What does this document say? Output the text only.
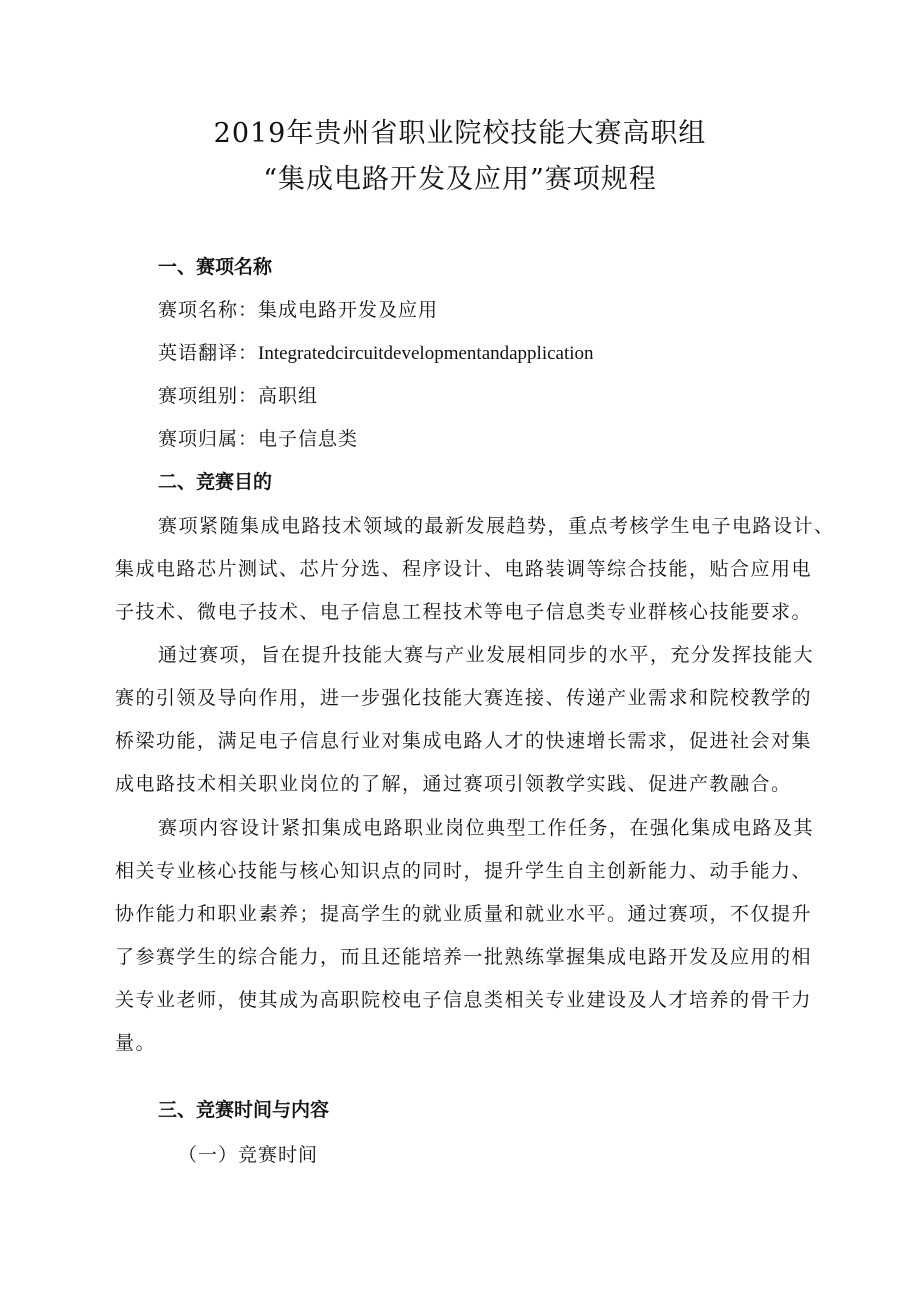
2019年贵州省职业院校技能大赛高职组
“集成电路开发及应用”赛项规程
一、赛项名称
赛项名称：集成电路开发及应用
英语翻译：Integratedcircuitdevelopmentandapplication
赛项组别：高职组
赛项归属：电子信息类
二、竞赛目的
赛项紧随集成电路技术领域的最新发展趋势，重点考核学生电子电路设计、
集成电路芯片测试、芯片分选、程序设计、电路装调等综合技能，贴合应用电
子技术、微电子技术、电子信息工程技术等电子信息类专业群核心技能要求。
通过赛项，旨在提升技能大赛与产业发展相同步的水平，充分发挥技能大
赛的引领及导向作用，进一步强化技能大赛连接、传递产业需求和院校教学的
桥梁功能，满足电子信息行业对集成电路人才的快速增长需求，促进社会对集
成电路技术相关职业岗位的了解，通过赛项引领教学实践、促进产教融合。
赛项内容设计紧扣集成电路职业岗位典型工作任务，在强化集成电路及其
相关专业核心技能与核心知识点的同时，提升学生自主创新能力、动手能力、
协作能力和职业素养；提高学生的就业质量和就业水平。通过赛项，不仅提升
了参赛学生的综合能力，而且还能培养一批熟练掌握集成电路开发及应用的相
关专业老师，使其成为高职院校电子信息类相关专业建设及人才培养的骨干力
量。
三、竞赛时间与内容
（一）竞赛时间
